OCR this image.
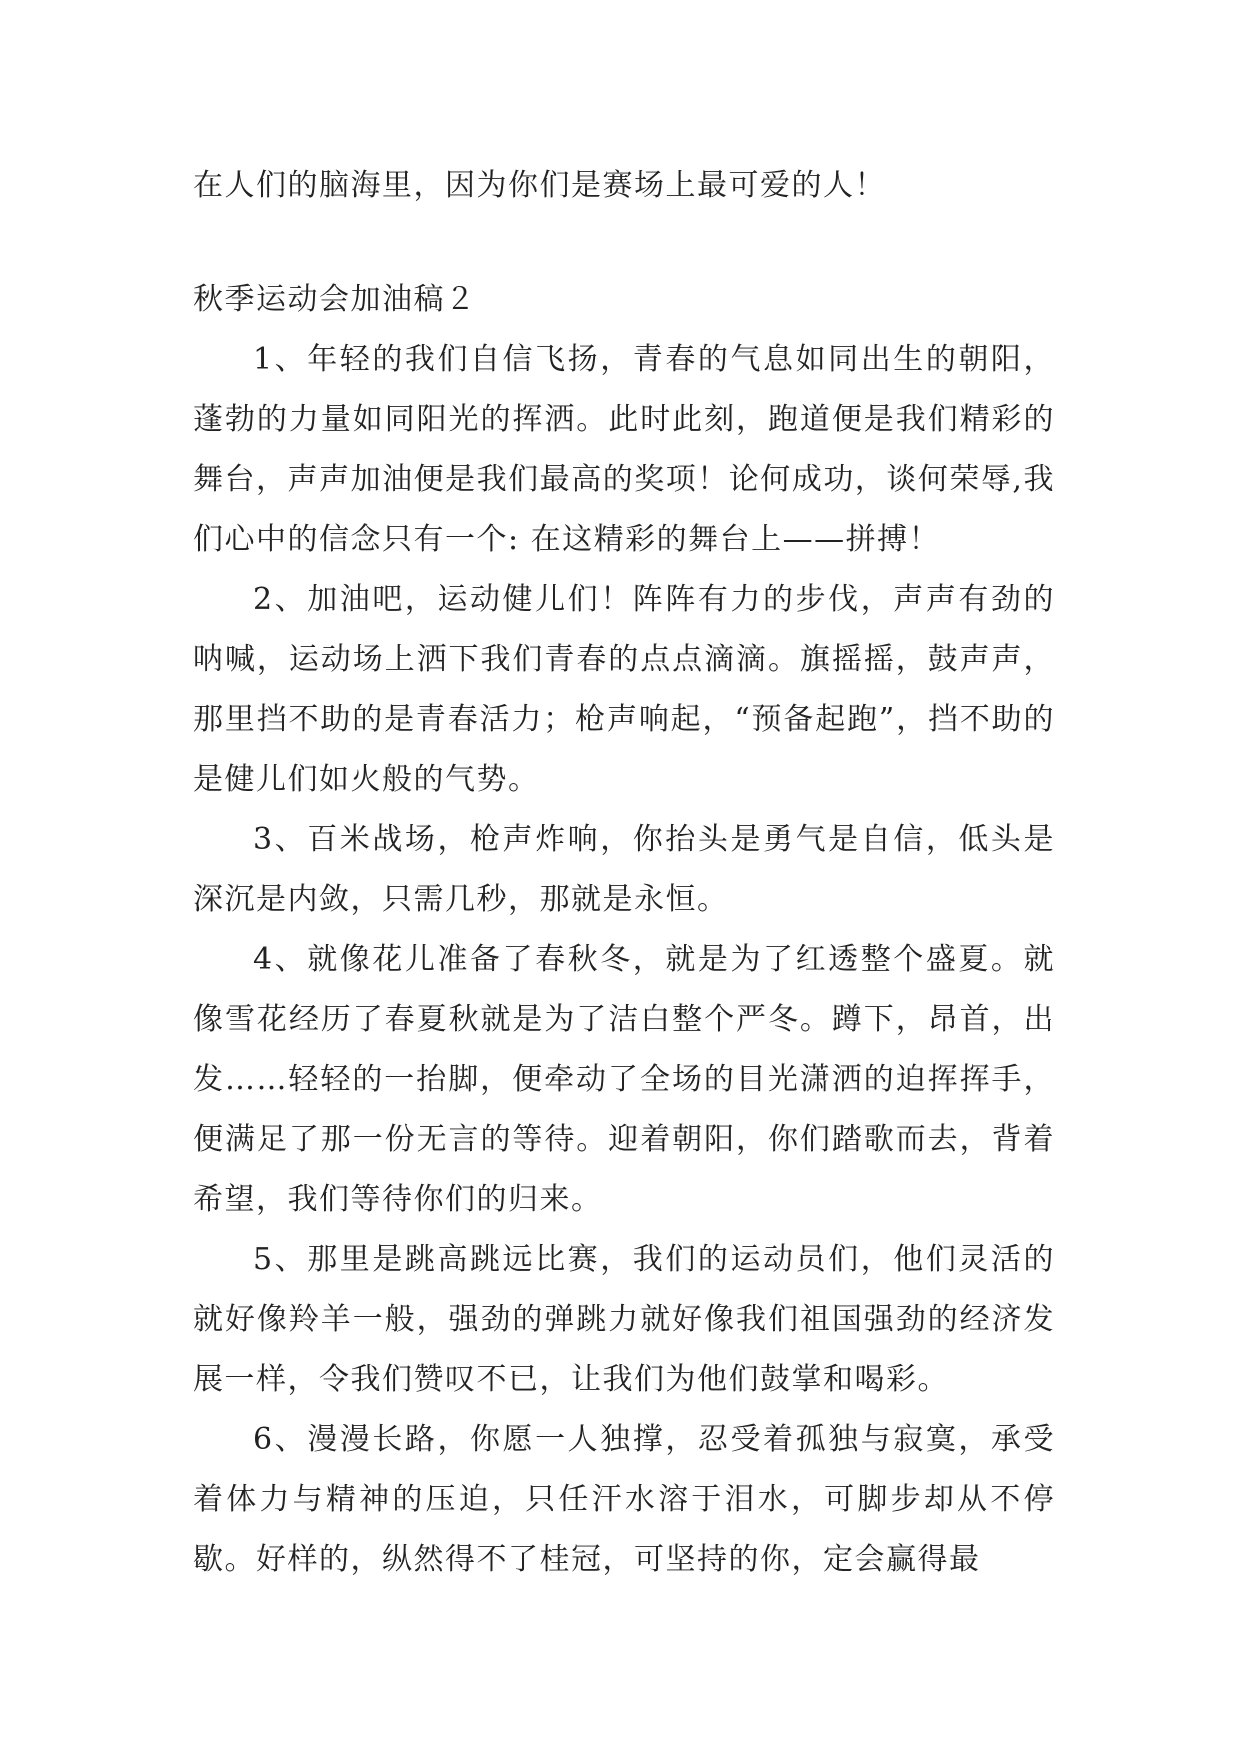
在人们的脑海里，因为你们是赛场上最可爱的人！

秋季运动会加油稿２

1、年轻的我们自信飞扬，青春的气息如同出生的朝阳，蓬勃的力量如同阳光的挥洒。此时此刻，跑道便是我们精彩的舞台，声声加油便是我们最高的奖项！论何成功，谈何荣辱,我们心中的信念只有一个: 在这精彩的舞台上——拼搏！

2、加油吧，运动健儿们！阵阵有力的步伐，声声有劲的呐喊，运动场上洒下我们青春的点点滴滴。旗摇摇，鼓声声，那里挡不助的是青春活力；枪声响起，“预备起跑”，挡不助的是健儿们如火般的气势。

3、百米战场，枪声炸响，你抬头是勇气是自信，低头是深沉是内敛，只需几秒，那就是永恒。

4、就像花儿准备了春秋冬，就是为了红透整个盛夏。就像雪花经历了春夏秋就是为了洁白整个严冬。蹲下，昂首，出发……轻轻的一抬脚，便牵动了全场的目光潇洒的迫挥挥手，便满足了那一份无言的等待。迎着朝阳，你们踏歌而去，背着希望，我们等待你们的归来。

5、那里是跳高跳远比赛，我们的运动员们，他们灵活的就好像羚羊一般，强劲的弹跳力就好像我们祖国强劲的经济发展一样，令我们赞叹不已，让我们为他们鼓掌和喝彩。

6、漫漫长路，你愿一人独撑，忍受着孤独与寂寞，承受着体力与精神的压迫，只任汗水溶于泪水，可脚步却从不停歇。好样的，纵然得不了桂冠，可坚持的你，定会赢得最
